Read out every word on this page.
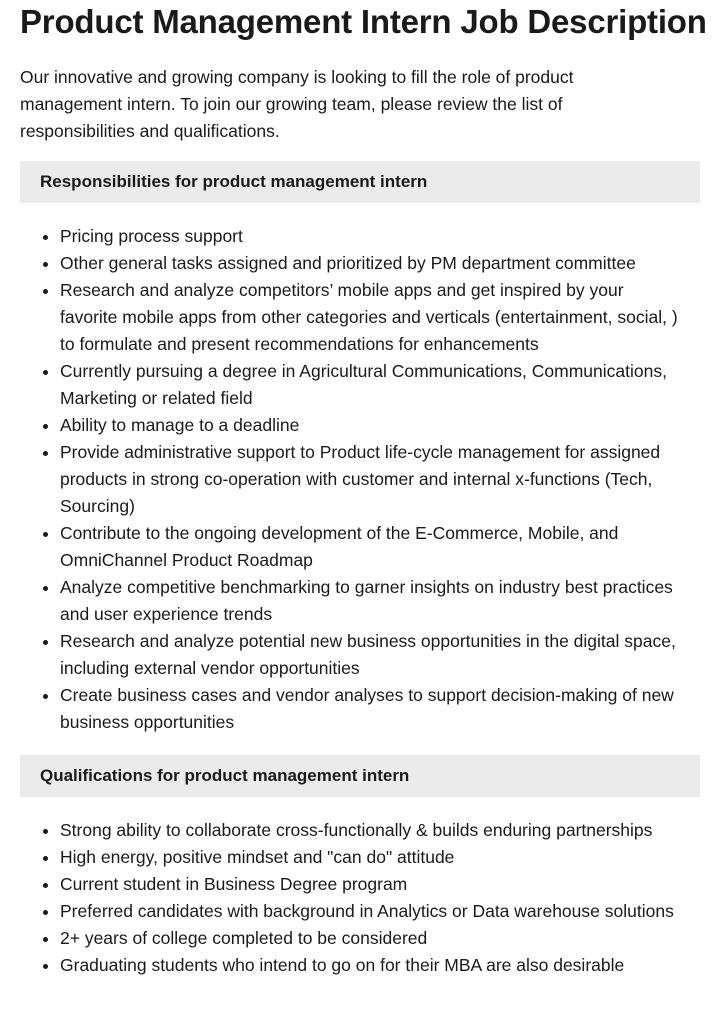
Product Management Intern Job Description

Our innovative and growing company is looking to fill the role of product management intern. To join our growing team, please review the list of responsibilities and qualifications.

Responsibilities for product management intern
• Pricing process support
• Other general tasks assigned and prioritized by PM department committee
• Research and analyze competitors’ mobile apps and get inspired by your favorite mobile apps from other categories and verticals (entertainment, social, ) to formulate and present recommendations for enhancements
• Currently pursuing a degree in Agricultural Communications, Communications, Marketing or related field
• Ability to manage to a deadline
• Provide administrative support to Product life-cycle management for assigned products in strong co-operation with customer and internal x-functions (Tech, Sourcing)
• Contribute to the ongoing development of the E-Commerce, Mobile, and OmniChannel Product Roadmap
• Analyze competitive benchmarking to garner insights on industry best practices and user experience trends
• Research and analyze potential new business opportunities in the digital space, including external vendor opportunities
• Create business cases and vendor analyses to support decision-making of new business opportunities
Qualifications for product management intern
• Strong ability to collaborate cross-functionally & builds enduring partnerships
• High energy, positive mindset and "can do" attitude
• Current student in Business Degree program
• Preferred candidates with background in Analytics or Data warehouse solutions
• 2+ years of college completed to be considered
• Graduating students who intend to go on for their MBA are also desirable
